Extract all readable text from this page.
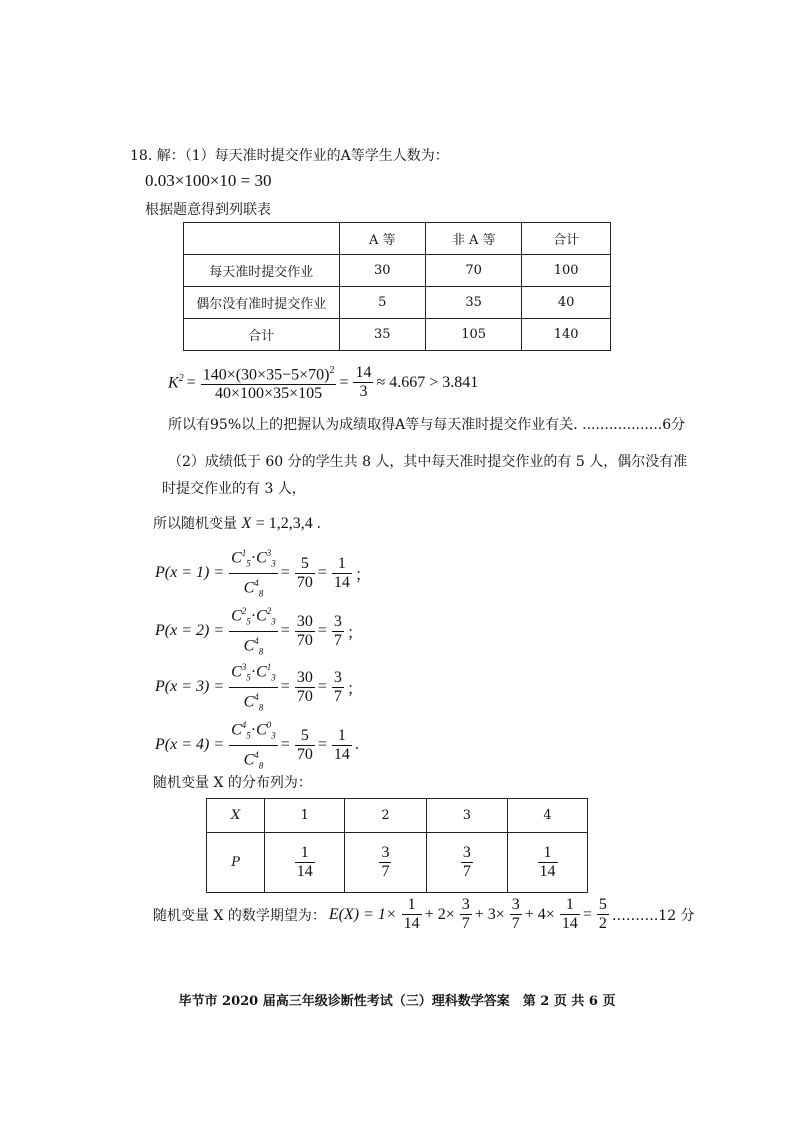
18. 解：（1）每天准时提交作业的A等学生人数为：
0.03×100×10 = 30
根据题意得到列联表
	A 等	非 A 等	合计
每天准时提交作业	30	70	100
偶尔没有准时提交作业	5	35	40
合计	35	105	140
$K^2 = \frac{140\times(30\times 35-5\times 70)^2}{40\times 100\times 35\times 105} = \frac{14}{3} \approx 4.667 > 3.841$
所以有95%以上的把握认为成绩取得A等与每天准时提交作业有关. ..................6分
（2）成绩低于 60 分的学生共 8 人，其中每天准时提交作业的有 5 人，偶尔没有准
时提交作业的有 3 人，
所以随机变量 X = 1,2,3,4 .
$P(x = 1) = \frac{C^1_5\cdot C^3_3}{C^4_8} = \frac{5}{70} = \frac{1}{14}$ ；
$P(x = 2) = \frac{C^2_5\cdot C^2_3}{C^4_8} = \frac{30}{70} = \frac{3}{7}$ ；
$P(x = 3) = \frac{C^3_5\cdot C^1_3}{C^4_8} = \frac{30}{70} = \frac{3}{7}$ ；
$P(x = 4) = \frac{C^4_5\cdot C^0_3}{C^4_8} = \frac{5}{70} = \frac{1}{14}$ .
随机变量 X 的分布列为：
X	1	2	3	4
P	$\frac{1}{14}$	$\frac{3}{7}$	$\frac{3}{7}$	$\frac{1}{14}$
随机变量 X 的数学期望为： $E(X) = 1\times \frac{1}{14} + 2\times \frac{3}{7} + 3\times \frac{3}{7} + 4\times \frac{1}{14} = \frac{5}{2}$ ……….12 分
毕节市 2020 届高三年级诊断性考试（三）理科数学答案　第 2 页 共 6 页
